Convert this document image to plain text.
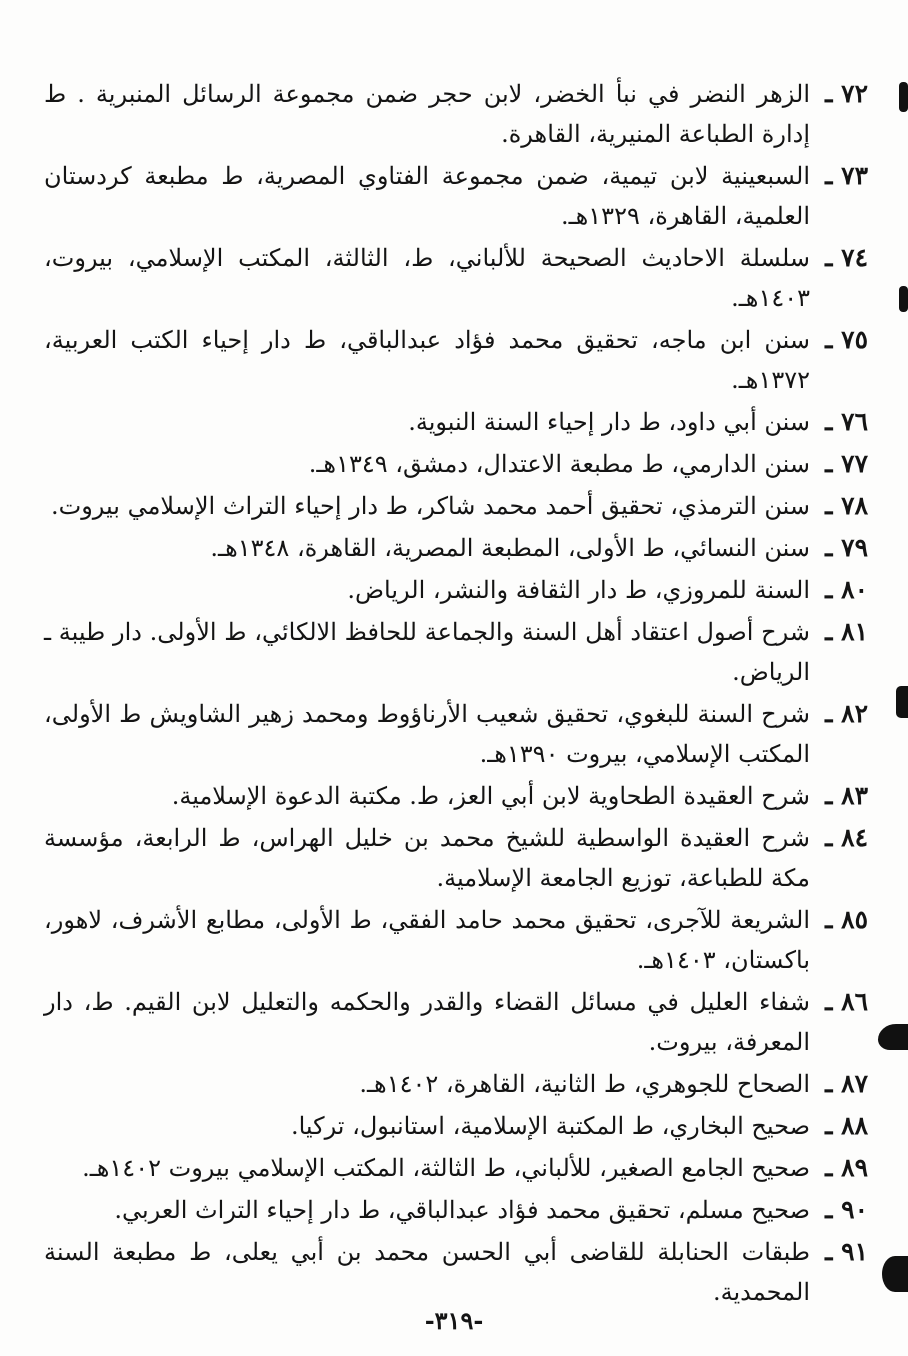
٧٢ ـ
الزهر النضر في نبأ الخضر، لابن حجر ضمن مجموعة الرسائل المنبرية . ط إدارة الطباعة المنيرية، القاهرة.
٧٣ ـ
السبعينية لابن تيمية، ضمن مجموعة الفتاوي المصرية، ط مطبعة كردستان العلمية، القاهرة، ١٣٢٩هـ.
٧٤ ـ
سلسلة الاحاديث الصحيحة للألباني، ط، الثالثة، المكتب الإسلامي، بيروت، ١٤٠٣هـ.
٧٥ ـ
سنن ابن ماجه، تحقيق محمد فؤاد عبدالباقي، ط دار إحياء الكتب العربية، ١٣٧٢هـ.
٧٦ ـ
سنن أبي داود، ط دار إحياء السنة النبوية.
٧٧ ـ
سنن الدارمي، ط مطبعة الاعتدال، دمشق، ١٣٤٩هـ.
٧٨ ـ
سنن الترمذي، تحقيق أحمد محمد شاكر، ط دار إحياء التراث الإسلامي بيروت.
٧٩ ـ
سنن النسائي، ط الأولى، المطبعة المصرية، القاهرة، ١٣٤٨هـ.
٨٠ ـ
السنة للمروزي، ط دار الثقافة والنشر، الرياض.
٨١ ـ
شرح أصول اعتقاد أهل السنة والجماعة للحافظ الالكائي، ط الأولى. دار طيبة ـ الرياض.
٨٢ ـ
شرح السنة للبغوي، تحقيق شعيب الأرناؤوط ومحمد زهير الشاويش ط الأولى، المكتب الإسلامي، بيروت ١٣٩٠هـ.
٨٣ ـ
شرح العقيدة الطحاوية لابن أبي العز، ط. مكتبة الدعوة الإسلامية.
٨٤ ـ
شرح العقيدة الواسطية للشيخ محمد بن خليل الهراس، ط الرابعة، مؤسسة مكة للطباعة، توزيع الجامعة الإسلامية.
٨٥ ـ
الشريعة للآجرى، تحقيق محمد حامد الفقي، ط الأولى، مطابع الأشرف، لاهور، باكستان، ١٤٠٣هـ.
٨٦ ـ
شفاء العليل في مسائل القضاء والقدر والحكمه والتعليل لابن القيم. ط، دار المعرفة، بيروت.
٨٧ ـ
الصحاح للجوهري، ط الثانية، القاهرة، ١٤٠٢هـ.
٨٨ ـ
صحيح البخاري، ط المكتبة الإسلامية، استانبول، تركيا.
٨٩ ـ
صحيح الجامع الصغير، للألباني، ط الثالثة، المكتب الإسلامي بيروت ١٤٠٢هـ.
٩٠ ـ
صحيح مسلم، تحقيق محمد فؤاد عبدالباقي، ط دار إحياء التراث العربي.
٩١ ـ
طبقات الحنابلة للقاضى أبي الحسن محمد بن أبي يعلى، ط مطبعة السنة المحمدية.
-٣١٩-
